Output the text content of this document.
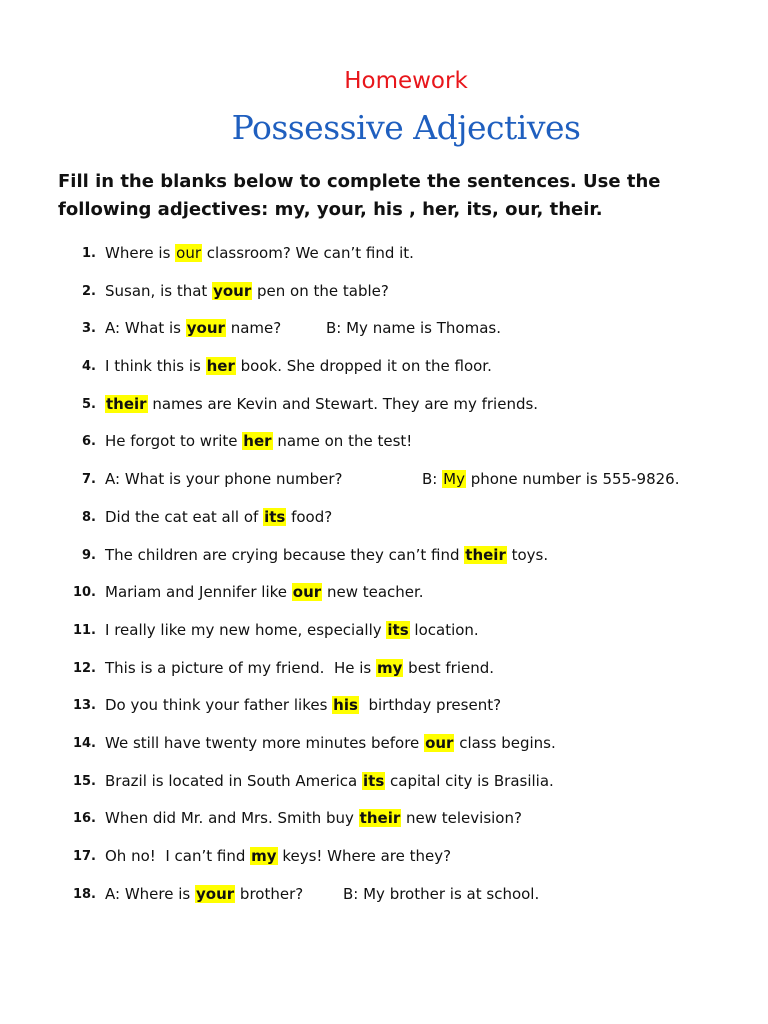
Homework
Possessive Adjectives
Fill in the blanks below to complete the sentences. Use the
following adjectives: my, your, his , her, its, our, their.
1. Where is our classroom? We can’t find it.
2. Susan, is that your pen on the table?
3. A: What is your name?	B: My name is Thomas.
4. I think this is her book. She dropped it on the floor.
5. their names are Kevin and Stewart. They are my friends.
6. He forgot to write her name on the test!
7. A: What is your phone number?	B: My phone number is 555-9826.
8. Did the cat eat all of its food?
9. The children are crying because they can’t find their toys.
10. Mariam and Jennifer like our new teacher.
11. I really like my new home, especially its location.
12. This is a picture of my friend.  He is my best friend.
13. Do you think your father likes his  birthday present?
14. We still have twenty more minutes before our class begins.
15. Brazil is located in South America its capital city is Brasilia.
16. When did Mr. and Mrs. Smith buy their new television?
17. Oh no!  I can’t find my keys! Where are they?
18. A: Where is your brother?	B: My brother is at school.
